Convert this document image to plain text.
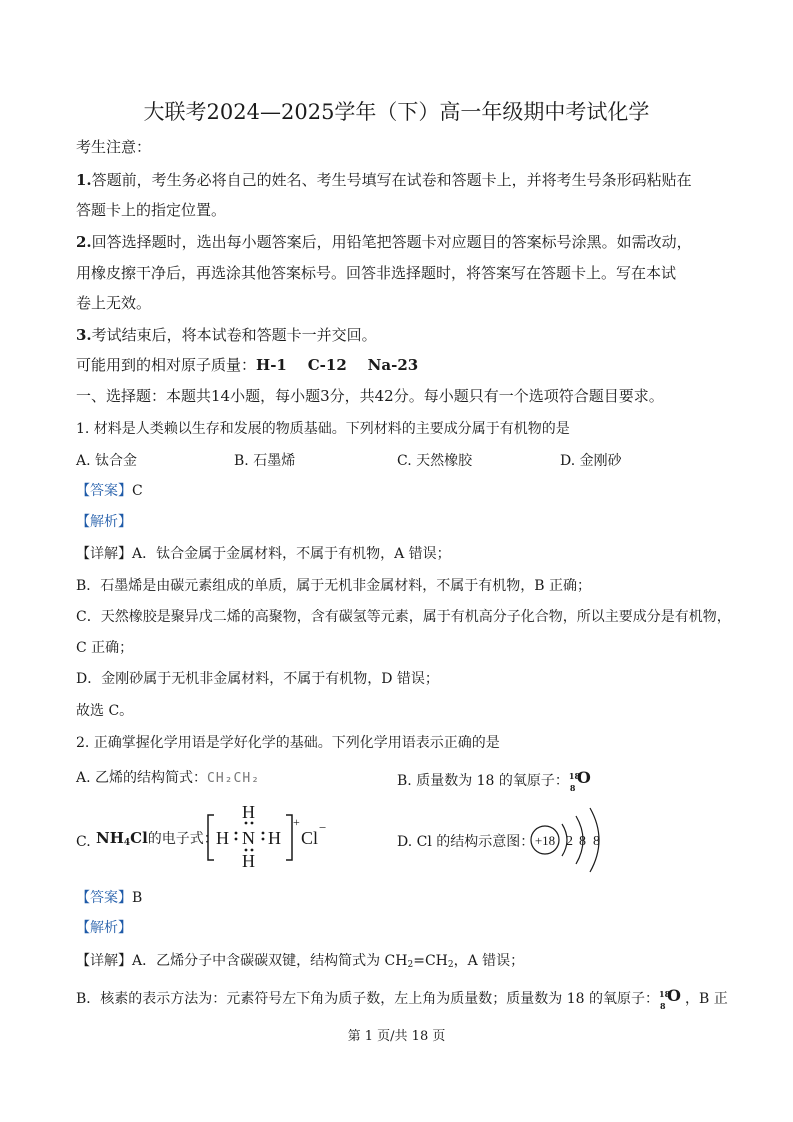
大联考2024—2025学年（下）高一年级期中考试化学
考生注意：
1.答题前，考生务必将自己的姓名、考生号填写在试卷和答题卡上，并将考生号条形码粘贴在
答题卡上的指定位置。
2.回答选择题时，选出每小题答案后，用铅笔把答题卡对应题目的答案标号涂黑。如需改动，
用橡皮擦干净后，再选涂其他答案标号。回答非选择题时，将答案写在答题卡上。写在本试
卷上无效。
3.考试结束后，将本试卷和答题卡一并交回。
可能用到的相对原子质量：H-1    C-12    Na-23
一、选择题：本题共14小题，每小题3分，共42分。每小题只有一个选项符合题目要求。
1. 材料是人类赖以生存和发展的物质基础。下列材料的主要成分属于有机物的是
A. 钛合金	B. 石墨烯	C. 天然橡胶	D. 金刚砂
【答案】C
【解析】
【详解】A．钛合金属于金属材料，不属于有机物，A 错误；
B．石墨烯是由碳元素组成的单质，属于无机非金属材料，不属于有机物，B 正确；
C．天然橡胶是聚异戊二烯的高聚物，含有碳氢等元素，属于有机高分子化合物，所以主要成分是有机物，
C 正确；
D．金刚砂属于无机非金属材料，不属于有机物，D 错误；
故选 C。
2. 正确掌握化学用语是学好化学的基础。下列化学用语表示正确的是
A. 乙烯的结构简式：CH₂CH₂	B. 质量数为 18 的氧原子： 18
8
O
C. $NH_4Cl$的电子式：
H
H N H
H
+
Cl
−
D. Cl 的结构示意图： +18 2 8 8
【答案】B
【解析】
【详解】A．乙烯分子中含碳碳双键，结构简式为 $CH_2=CH_2$，A 错误；
B．核素的表示方法为：元素符号左下角为质子数，左上角为质量数；质量数为 18 的氧原子： 18
8
O ，B 正
第 1 页/共 18 页
